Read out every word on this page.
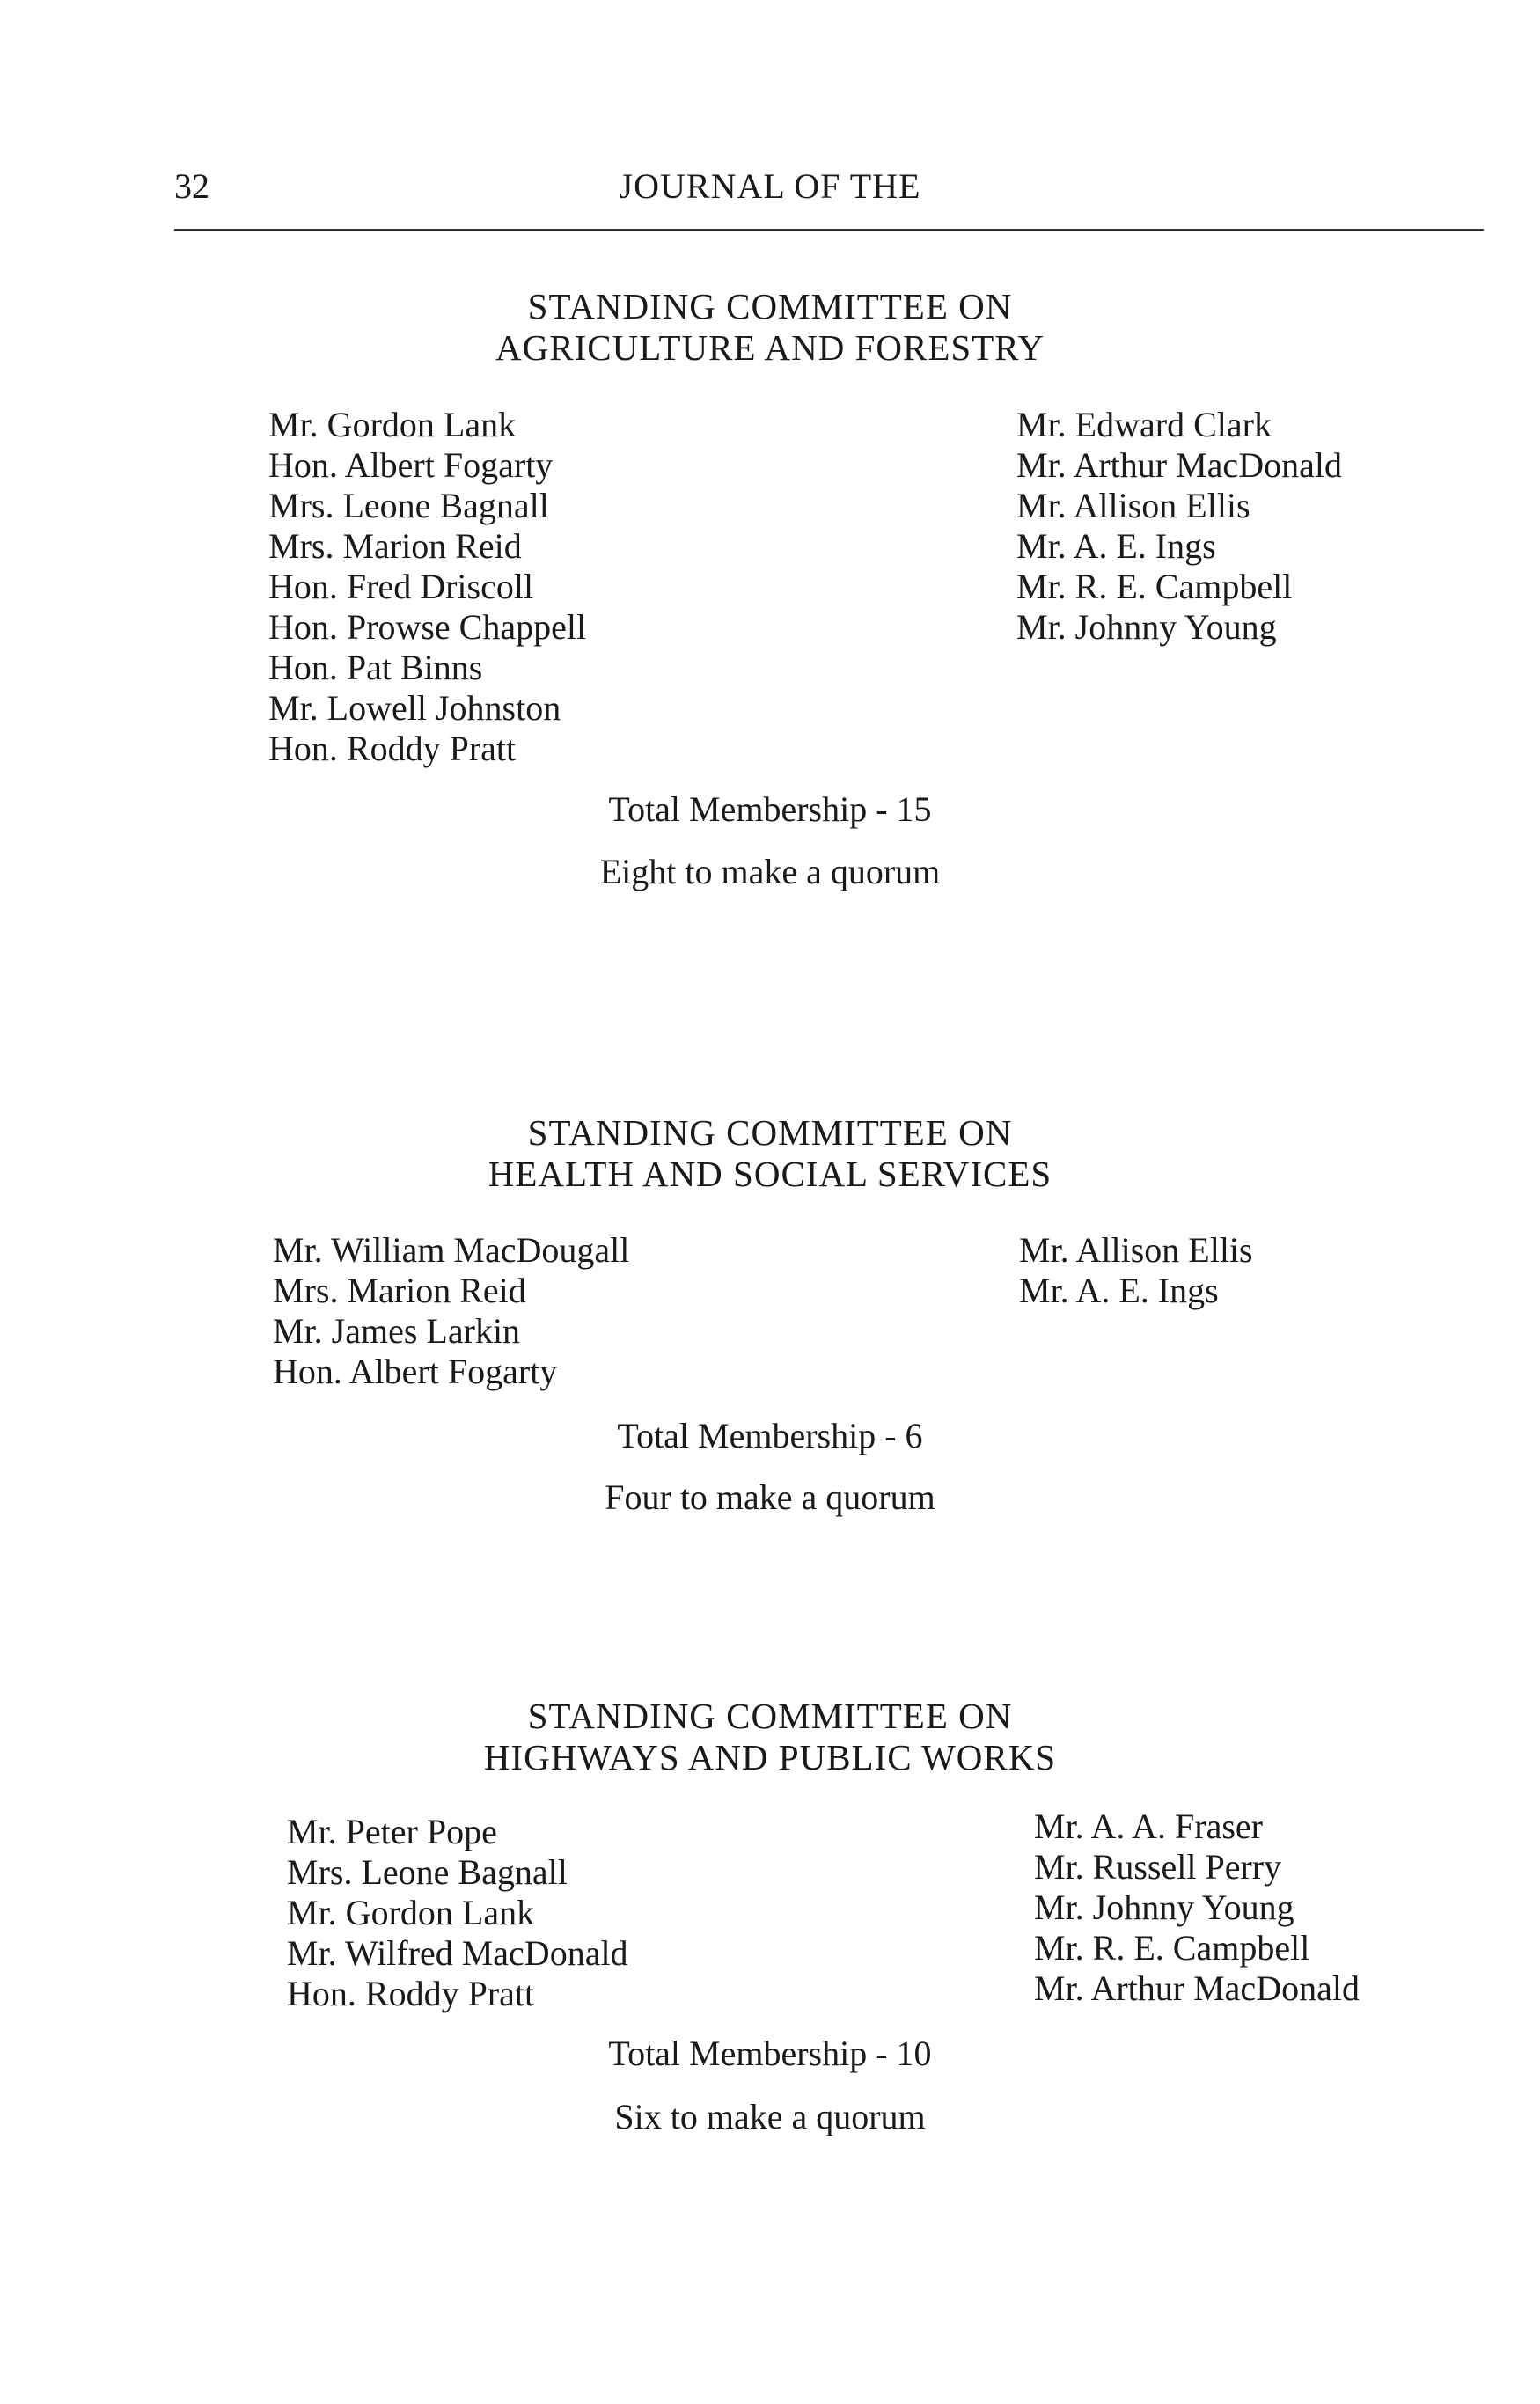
32	JOURNAL OF THE
STANDING COMMITTEE ON
AGRICULTURE AND FORESTRY
Mr. Gordon Lank
Hon. Albert Fogarty
Mrs. Leone Bagnall
Mrs. Marion Reid
Hon. Fred Driscoll
Hon. Prowse Chappell
Hon. Pat Binns
Mr. Lowell Johnston
Hon. Roddy Pratt
Mr. Edward Clark
Mr. Arthur MacDonald
Mr. Allison Ellis
Mr. A. E. Ings
Mr. R. E. Campbell
Mr. Johnny Young
Total Membership - 15
Eight to make a quorum
STANDING COMMITTEE ON
HEALTH AND SOCIAL SERVICES
Mr. William MacDougall
Mrs. Marion Reid
Mr. James Larkin
Hon. Albert Fogarty
Mr. Allison Ellis
Mr. A. E. Ings
Total Membership - 6
Four to make a quorum
STANDING COMMITTEE ON
HIGHWAYS AND PUBLIC WORKS
Mr. Peter Pope
Mrs. Leone Bagnall
Mr. Gordon Lank
Mr. Wilfred MacDonald
Hon. Roddy Pratt
Mr. A. A. Fraser
Mr. Russell Perry
Mr. Johnny Young
Mr. R. E. Campbell
Mr. Arthur MacDonald
Total Membership - 10
Six to make a quorum
